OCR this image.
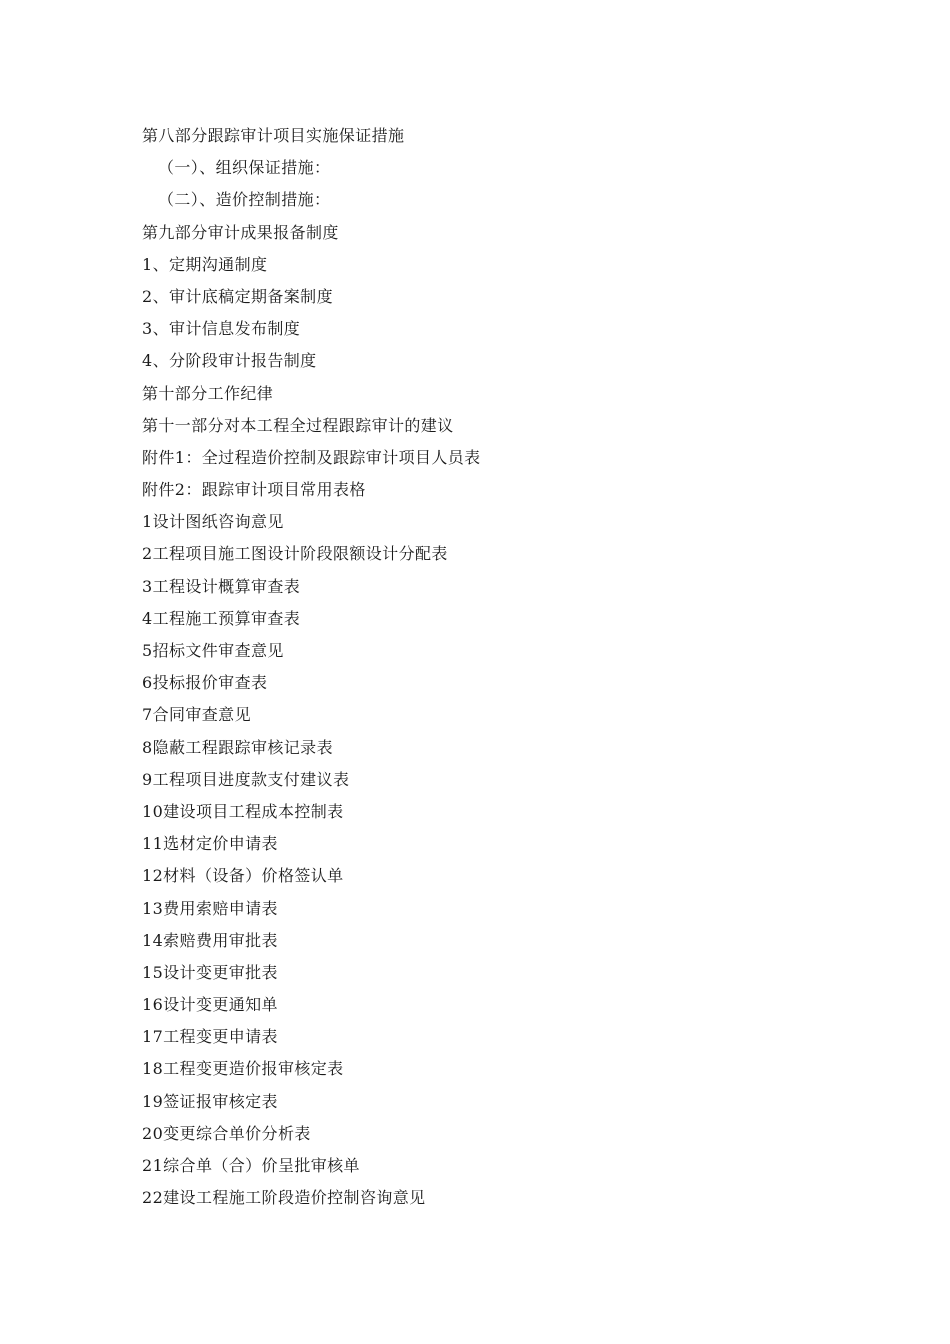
第八部分跟踪审计项目实施保证措施
（一）、组织保证措施：
（二）、造价控制措施：
第九部分审计成果报备制度
1、定期沟通制度
2、审计底稿定期备案制度
3、审计信息发布制度
4、分阶段审计报告制度
第十部分工作纪律
第十一部分对本工程全过程跟踪审计的建议
附件1：全过程造价控制及跟踪审计项目人员表
附件2：跟踪审计项目常用表格
1设计图纸咨询意见
2工程项目施工图设计阶段限额设计分配表
3工程设计概算审查表
4工程施工预算审查表
5招标文件审查意见
6投标报价审查表
7合同审查意见
8隐蔽工程跟踪审核记录表
9工程项目进度款支付建议表
10建设项目工程成本控制表
11选材定价申请表
12材料（设备）价格签认单
13费用索赔申请表
14索赔费用审批表
15设计变更审批表
16设计变更通知单
17工程变更申请表
18工程变更造价报审核定表
19签证报审核定表
20变更综合单价分析表
21综合单（合）价呈批审核单
22建设工程施工阶段造价控制咨询意见
